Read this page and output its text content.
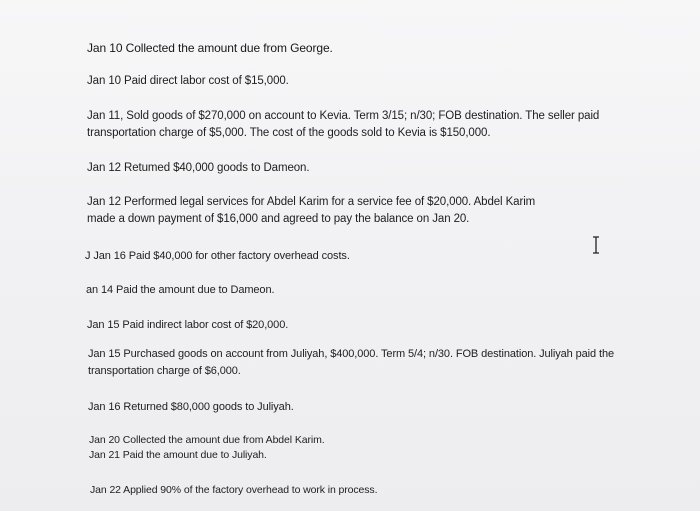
Jan 10 Collected the amount due from George.
Jan 10 Paid direct labor cost of $15,000.
Jan 11, Sold goods of $270,000 on account to Kevia. Term 3/15; n/30; FOB destination. The seller paid
transportation charge of $5,000. The cost of the goods sold to Kevia is $150,000.
Jan 12 Retumed $40,000 goods to Dameon.
Jan 12 Performed legal services for Abdel Karim for a service fee of $20,000. Abdel Karim
made a down payment of $16,000 and agreed to pay the balance on Jan 20.
J Jan 16 Paid $40,000 for other factory overhead costs.
an 14 Paid the amount due to Dameon.
Jan 15 Paid indirect labor cost of $20,000.
Jan 15 Purchased goods on account from Juliyah, $400,000. Term 5/4; n/30. FOB destination. Juliyah paid the
transportation charge of $6,000.
Jan 16 Returned $80,000 goods to Juliyah.
Jan 20 Collected the amount due from Abdel Karim.
Jan 21 Paid the amount due to Juliyah.
Jan 22 Applied 90% of the factory overhead to work in process.
